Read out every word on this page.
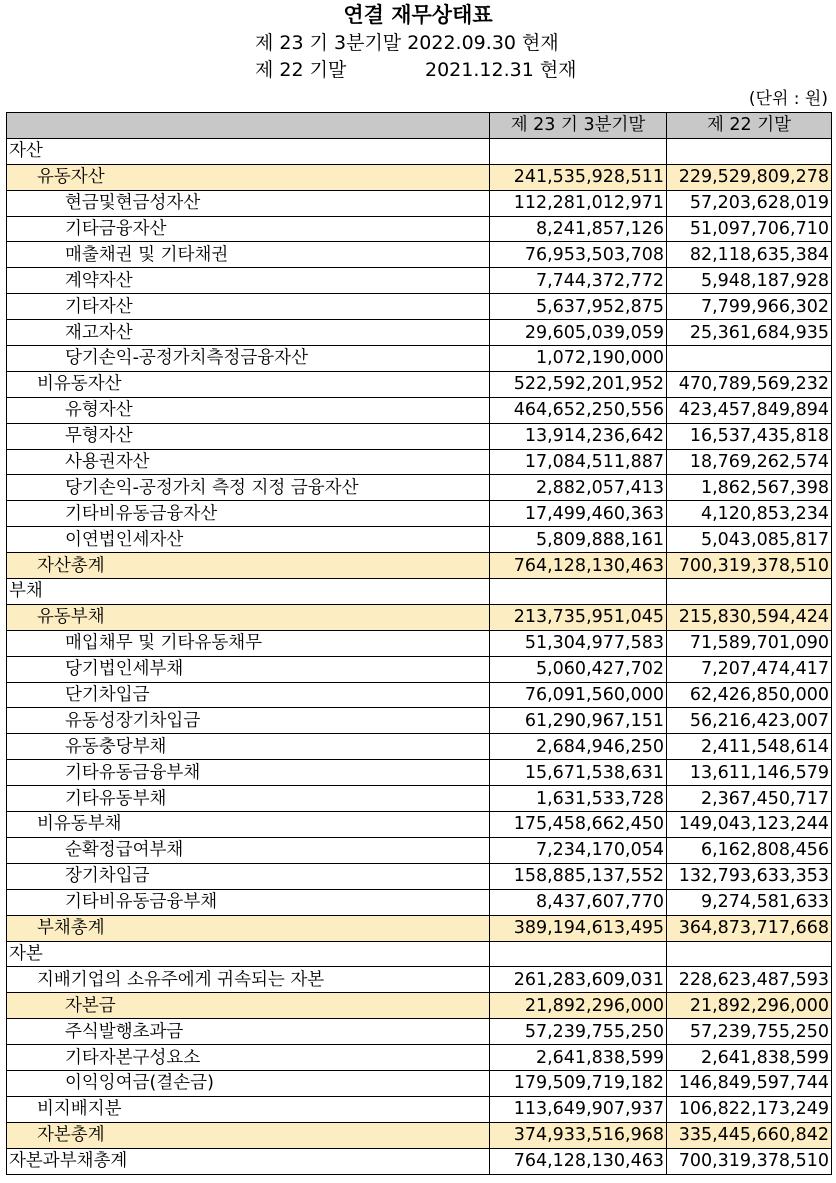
연결 재무상태표
제 23 기 3분기말 2022.09.30 현재
제 22 기말	2021.12.31 현재
(단위 : 원)
	제 23 기 3분기말	제 22 기말
자산		
유동자산	241,535,928,511	229,529,809,278
현금및현금성자산	112,281,012,971	57,203,628,019
기타금융자산	8,241,857,126	51,097,706,710
매출채권 및 기타채권	76,953,503,708	82,118,635,384
계약자산	7,744,372,772	5,948,187,928
기타자산	5,637,952,875	7,799,966,302
재고자산	29,605,039,059	25,361,684,935
당기손익-공정가치측정금융자산	1,072,190,000	
비유동자산	522,592,201,952	470,789,569,232
유형자산	464,652,250,556	423,457,849,894
무형자산	13,914,236,642	16,537,435,818
사용권자산	17,084,511,887	18,769,262,574
당기손익-공정가치 측정 지정 금융자산	2,882,057,413	1,862,567,398
기타비유동금융자산	17,499,460,363	4,120,853,234
이연법인세자산	5,809,888,161	5,043,085,817
자산총계	764,128,130,463	700,319,378,510
부채		
유동부채	213,735,951,045	215,830,594,424
매입채무 및 기타유동채무	51,304,977,583	71,589,701,090
당기법인세부채	5,060,427,702	7,207,474,417
단기차입금	76,091,560,000	62,426,850,000
유동성장기차입금	61,290,967,151	56,216,423,007
유동충당부채	2,684,946,250	2,411,548,614
기타유동금융부채	15,671,538,631	13,611,146,579
기타유동부채	1,631,533,728	2,367,450,717
비유동부채	175,458,662,450	149,043,123,244
순확정급여부채	7,234,170,054	6,162,808,456
장기차입금	158,885,137,552	132,793,633,353
기타비유동금융부채	8,437,607,770	9,274,581,633
부채총계	389,194,613,495	364,873,717,668
자본		
지배기업의 소유주에게 귀속되는 자본	261,283,609,031	228,623,487,593
자본금	21,892,296,000	21,892,296,000
주식발행초과금	57,239,755,250	57,239,755,250
기타자본구성요소	2,641,838,599	2,641,838,599
이익잉여금(결손금)	179,509,719,182	146,849,597,744
비지배지분	113,649,907,937	106,822,173,249
자본총계	374,933,516,968	335,445,660,842
자본과부채총계	764,128,130,463	700,319,378,510
